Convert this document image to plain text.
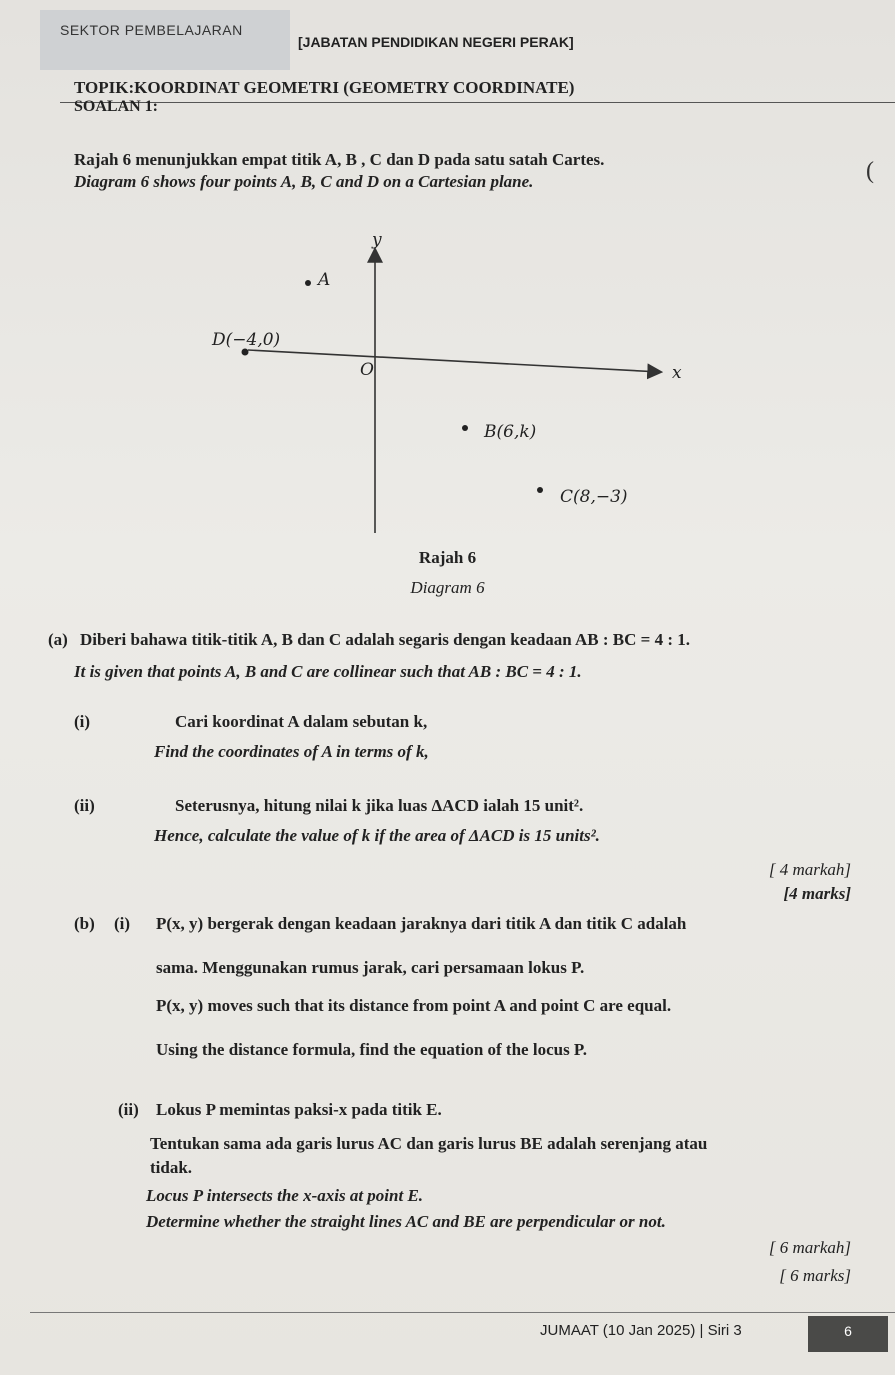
SEKTOR PEMBELAJARAN
[JABATAN PENDIDIKAN NEGERI PERAK]
TOPIK:KOORDINAT GEOMETRI (GEOMETRY COORDINATE)
SOALAN 1:
Rajah 6 menunjukkan empat titik A, B , C dan D pada satu satah Cartes.
Diagram 6 shows four points A, B, C and D on a Cartesian plane.	(
y
x
O
A
D(−4,0)
B(6,k)
C(8,−3)
Rajah 6
Diagram 6
(a) Diberi bahawa titik-titik A, B dan C adalah segaris dengan keadaan AB : BC = 4 : 1.
It is given that points A, B and C are collinear such that AB : BC = 4 : 1.
(i)	Cari koordinat A dalam sebutan k,
Find the coordinates of A in terms of k,
(ii)	Seterusnya, hitung nilai k jika luas ΔACD ialah 15 unit².
Hence, calculate the value of k if the area of ΔACD is 15 units².
[ 4 markah]
[4 marks]
(b) (i) P(x, y) bergerak dengan keadaan jaraknya dari titik A dan titik C adalah
sama. Menggunakan rumus jarak, cari persamaan lokus P.
P(x, y) moves such that its distance from point A and point C are equal.
Using the distance formula, find the equation of the locus P.
(ii) Lokus P memintas paksi-x pada titik E.
Tentukan sama ada garis lurus AC dan garis lurus BE adalah serenjang atau
tidak.
Locus P intersects the x-axis at point E.
Determine whether the straight lines AC and BE are perpendicular or not.
[ 6 markah]
[ 6 marks]
JUMAAT (10 Jan 2025) | Siri 3	6
